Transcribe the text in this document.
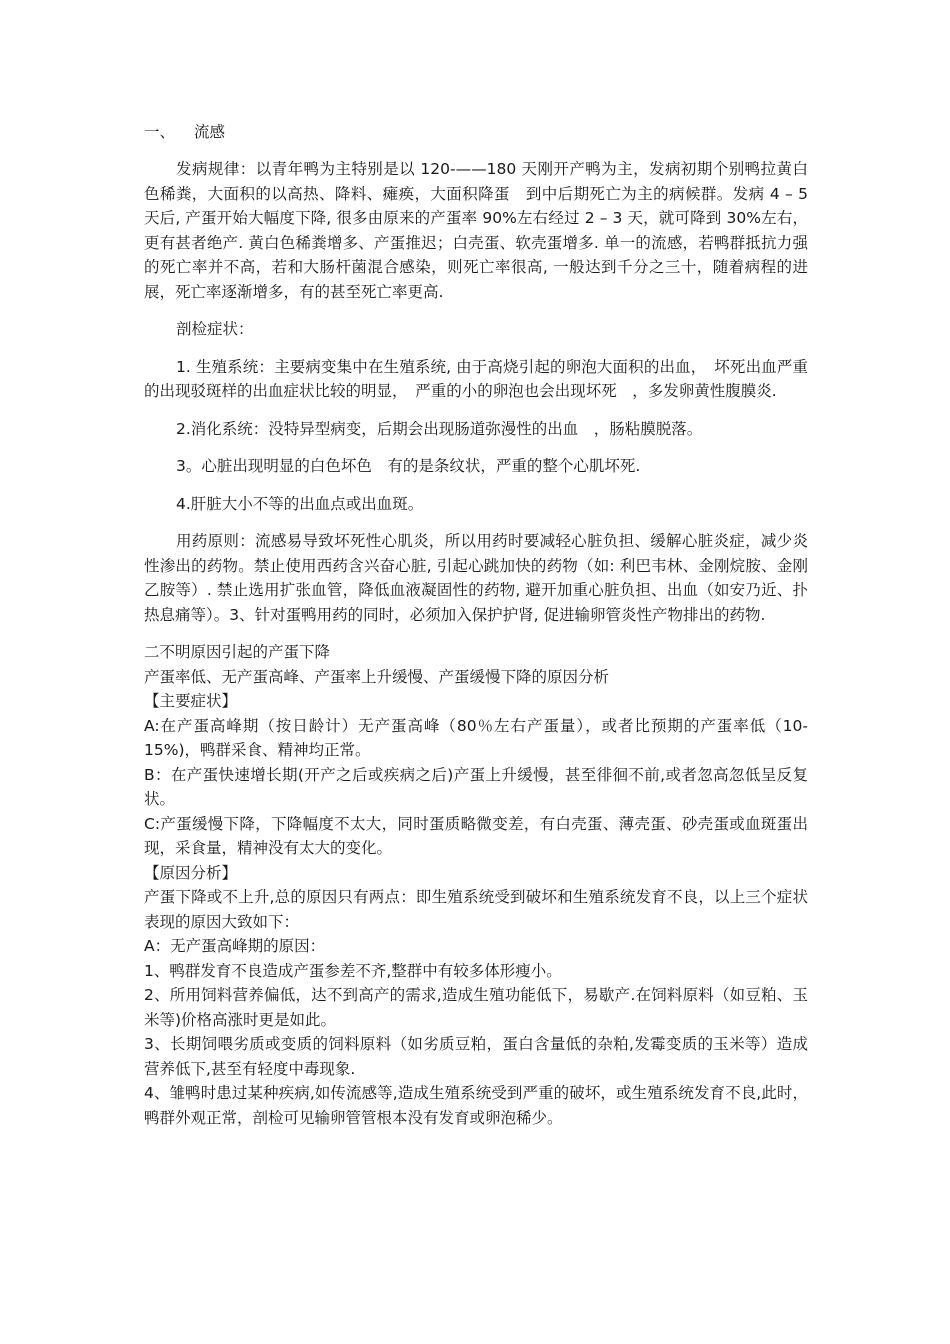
一、 流感

发病规律：以青年鸭为主特别是以 120-——180 天刚开产鸭为主，发病初期个别鸭拉黄白色稀粪，大面积的以高热、降料、瘫痪，大面积降蛋　到中后期死亡为主的病候群。发病 4 – 5 天后, 产蛋开始大幅度下降, 很多由原来的产蛋率 90%左右经过 2 – 3 天，就可降到 30%左右，更有甚者绝产. 黄白色稀粪增多、产蛋推迟；白壳蛋、软壳蛋增多. 单一的流感，若鸭群抵抗力强的死亡率并不高，若和大肠杆菌混合感染，则死亡率很高, 一般达到千分之三十，随着病程的进展，死亡率逐渐增多，有的甚至死亡率更高.

剖检症状：

1. 生殖系统：主要病变集中在生殖系统, 由于高烧引起的卵泡大面积的出血，　坏死出血严重的出现驳斑样的出血症状比较的明显，　严重的小的卵泡也会出现坏死　，多发卵黄性腹膜炎.

2.消化系统：没特异型病变，后期会出现肠道弥漫性的出血　，肠粘膜脱落。

3。心脏出现明显的白色坏色　有的是条纹状，严重的整个心肌坏死.

4.肝脏大小不等的出血点或出血斑。

用药原则：流感易导致坏死性心肌炎，所以用药时要减轻心脏负担、缓解心脏炎症，减少炎性渗出的药物。禁止使用西药含兴奋心脏, 引起心跳加快的药物（如: 利巴韦林、金刚烷胺、金刚乙胺等）. 禁止选用扩张血管，降低血液凝固性的药物, 避开加重心脏负担、出血（如安乃近、扑热息痛等）。3、针对蛋鸭用药的同时，必须加入保护护肾, 促进输卵管炎性产物排出的药物.

二不明原因引起的产蛋下降

产蛋率低、无产蛋高峰、产蛋率上升缓慢、产蛋缓慢下降的原因分析

【主要症状】

A:在产蛋高峰期（按日龄计）无产蛋高峰（80％左右产蛋量），或者比预期的产蛋率低（10-15%)，鸭群采食、精神均正常。

B：在产蛋快速增长期(开产之后或疾病之后)产蛋上升缓慢，甚至徘徊不前,或者忽高忽低呈反复状。

C:产蛋缓慢下降，下降幅度不太大，同时蛋质略微变差，有白壳蛋、薄壳蛋、砂壳蛋或血斑蛋出现，采食量，精神没有太大的变化。

【原因分析】

产蛋下降或不上升,总的原因只有两点：即生殖系统受到破坏和生殖系统发育不良，以上三个症状表现的原因大致如下：

A：无产蛋高峰期的原因：

1、鸭群发育不良造成产蛋参差不齐,整群中有较多体形瘦小。

2、所用饲料营养偏低，达不到高产的需求,造成生殖功能低下，易歇产.在饲料原料（如豆粕、玉米等)价格高涨时更是如此。

3、长期饲喂劣质或变质的饲料原料（如劣质豆粕，蛋白含量低的杂粕,发霉变质的玉米等）造成营养低下,甚至有轻度中毒现象.

4、雏鸭时患过某种疾病,如传流感等,造成生殖系统受到严重的破坏，或生殖系统发育不良,此时，鸭群外观正常，剖检可见输卵管管根本没有发育或卵泡稀少。
